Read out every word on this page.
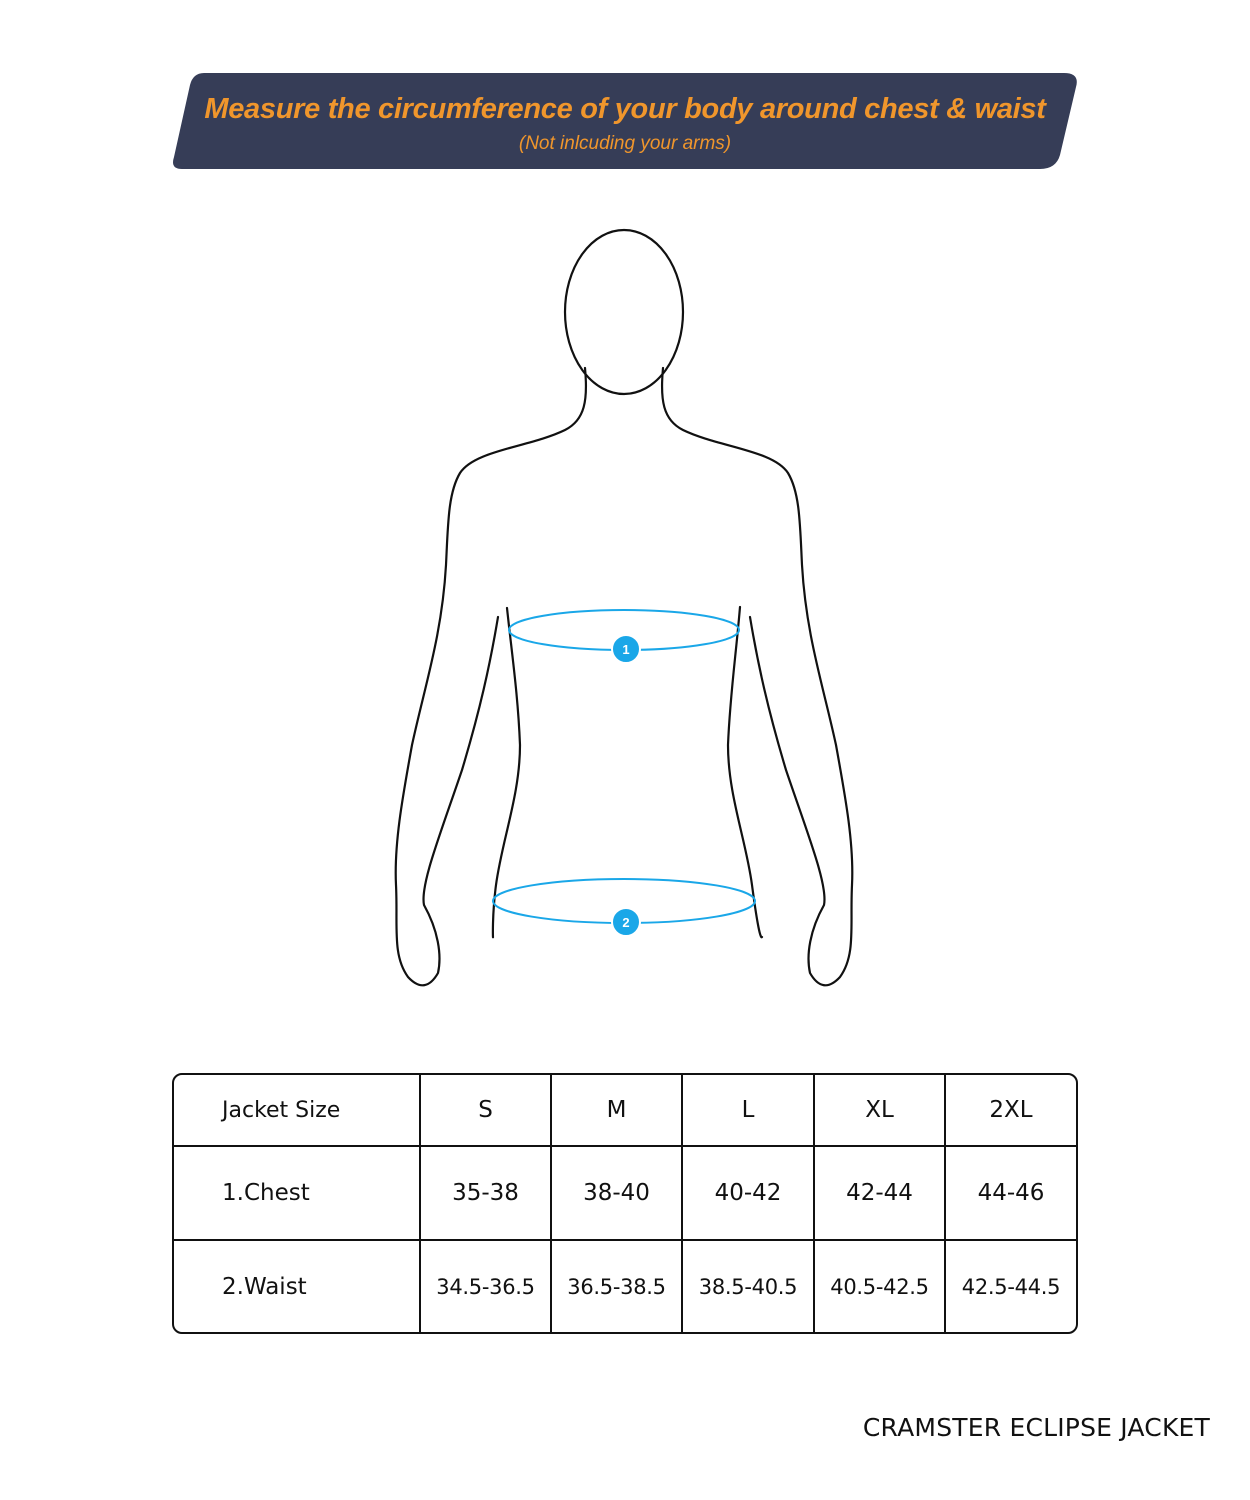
Measure the circumference of your body around chest & waist
(Not inlcuding your arms)
1
2
Jacket Size	S	M	L	XL	2XL
1.Chest	35-38	38-40	40-42	42-44	44-46
2.Waist	34.5-36.5	36.5-38.5	38.5-40.5	40.5-42.5	42.5-44.5
CRAMSTER ECLIPSE JACKET
